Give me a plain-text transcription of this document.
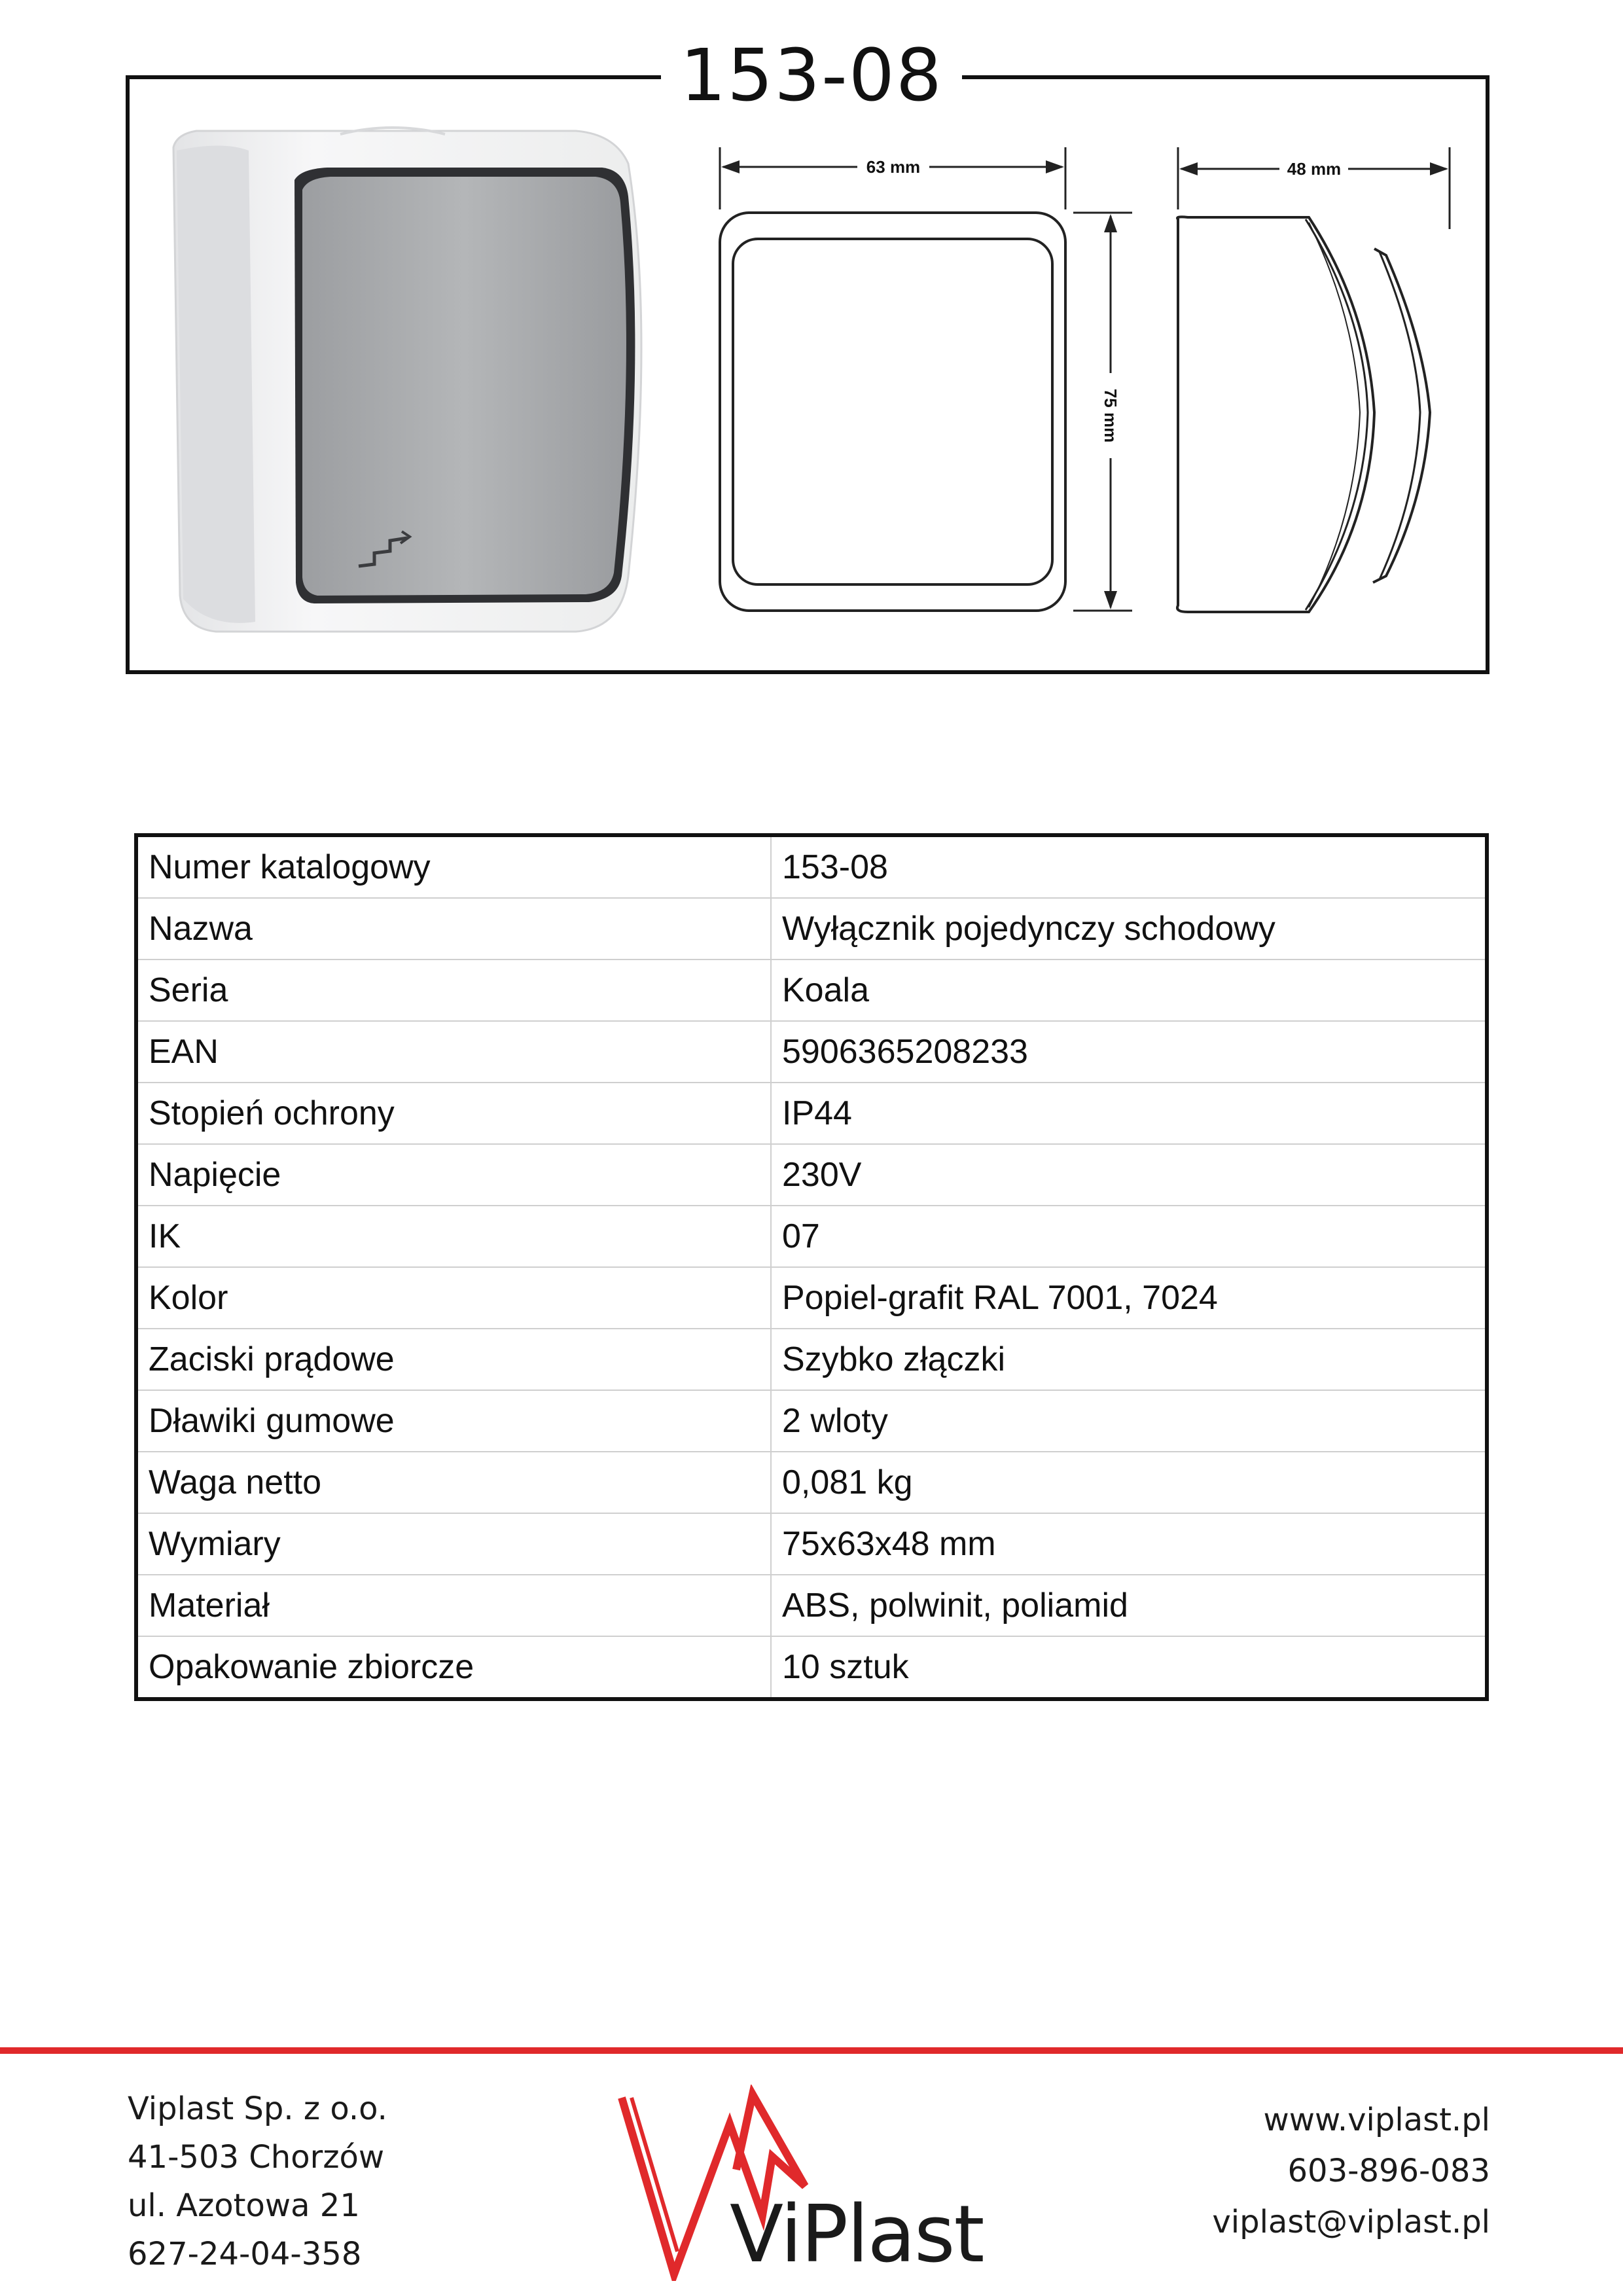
153-08
63 mm
75 mm
48 mm
Numer katalogowy	153-08
Nazwa	Wyłącznik pojedynczy schodowy
Seria	Koala
EAN	5906365208233
Stopień ochrony	IP44
Napięcie	230V
IK	07
Kolor	Popiel-grafit RAL 7001, 7024
Zaciski prądowe	Szybko złączki
Dławiki gumowe	2 wloty
Waga netto	0,081 kg
Wymiary	75x63x48 mm
Materiał	ABS, polwinit, poliamid
Opakowanie zbiorcze	10 sztuk
Viplast Sp. z o.o.
41-503 Chorzów
ul. Azotowa 21
627-24-04-358	ViPlast
www.viplast.pl
603-896-083
viplast@viplast.pl
